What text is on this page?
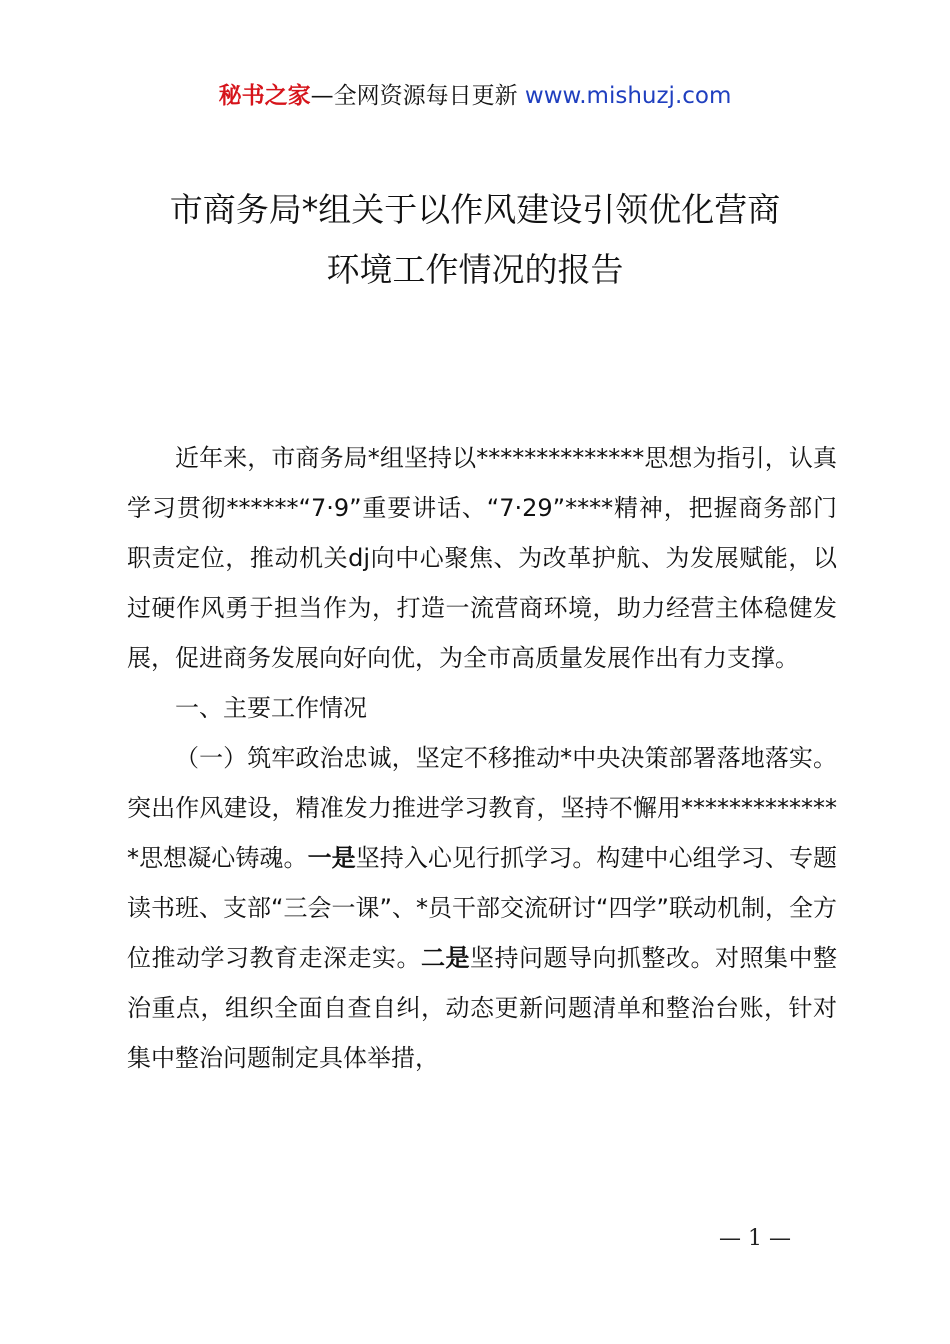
秘书之家—全网资源每日更新 www.mishuzj.com
市商务局*组关于以作风建设引领优化营商
环境工作情况的报告

近年来，市商务局*组坚持以**************思想为指引，认真学习贯彻******“7·9”重要讲话、“7·29”****精神，把握商务部门职责定位，推动机关dj向中心聚焦、为改革护航、为发展赋能，以过硬作风勇于担当作为，打造一流营商环境，助力经营主体稳健发展，促进商务发展向好向优，为全市高质量发展作出有力支撑。

一、主要工作情况

（一）筑牢政治忠诚，坚定不移推动*中央决策部署落地落实。突出作风建设，精准发力推进学习教育，坚持不懈用**************思想凝心铸魂。一是坚持入心见行抓学习。构建中心组学习、专题读书班、支部“三会一课”、*员干部交流研讨“四学”联动机制，全方位推动学习教育走深走实。二是坚持问题导向抓整改。对照集中整治重点，组织全面自查自纠，动态更新问题清单和整治台账，针对集中整治问题制定具体举措，

— 1 —
